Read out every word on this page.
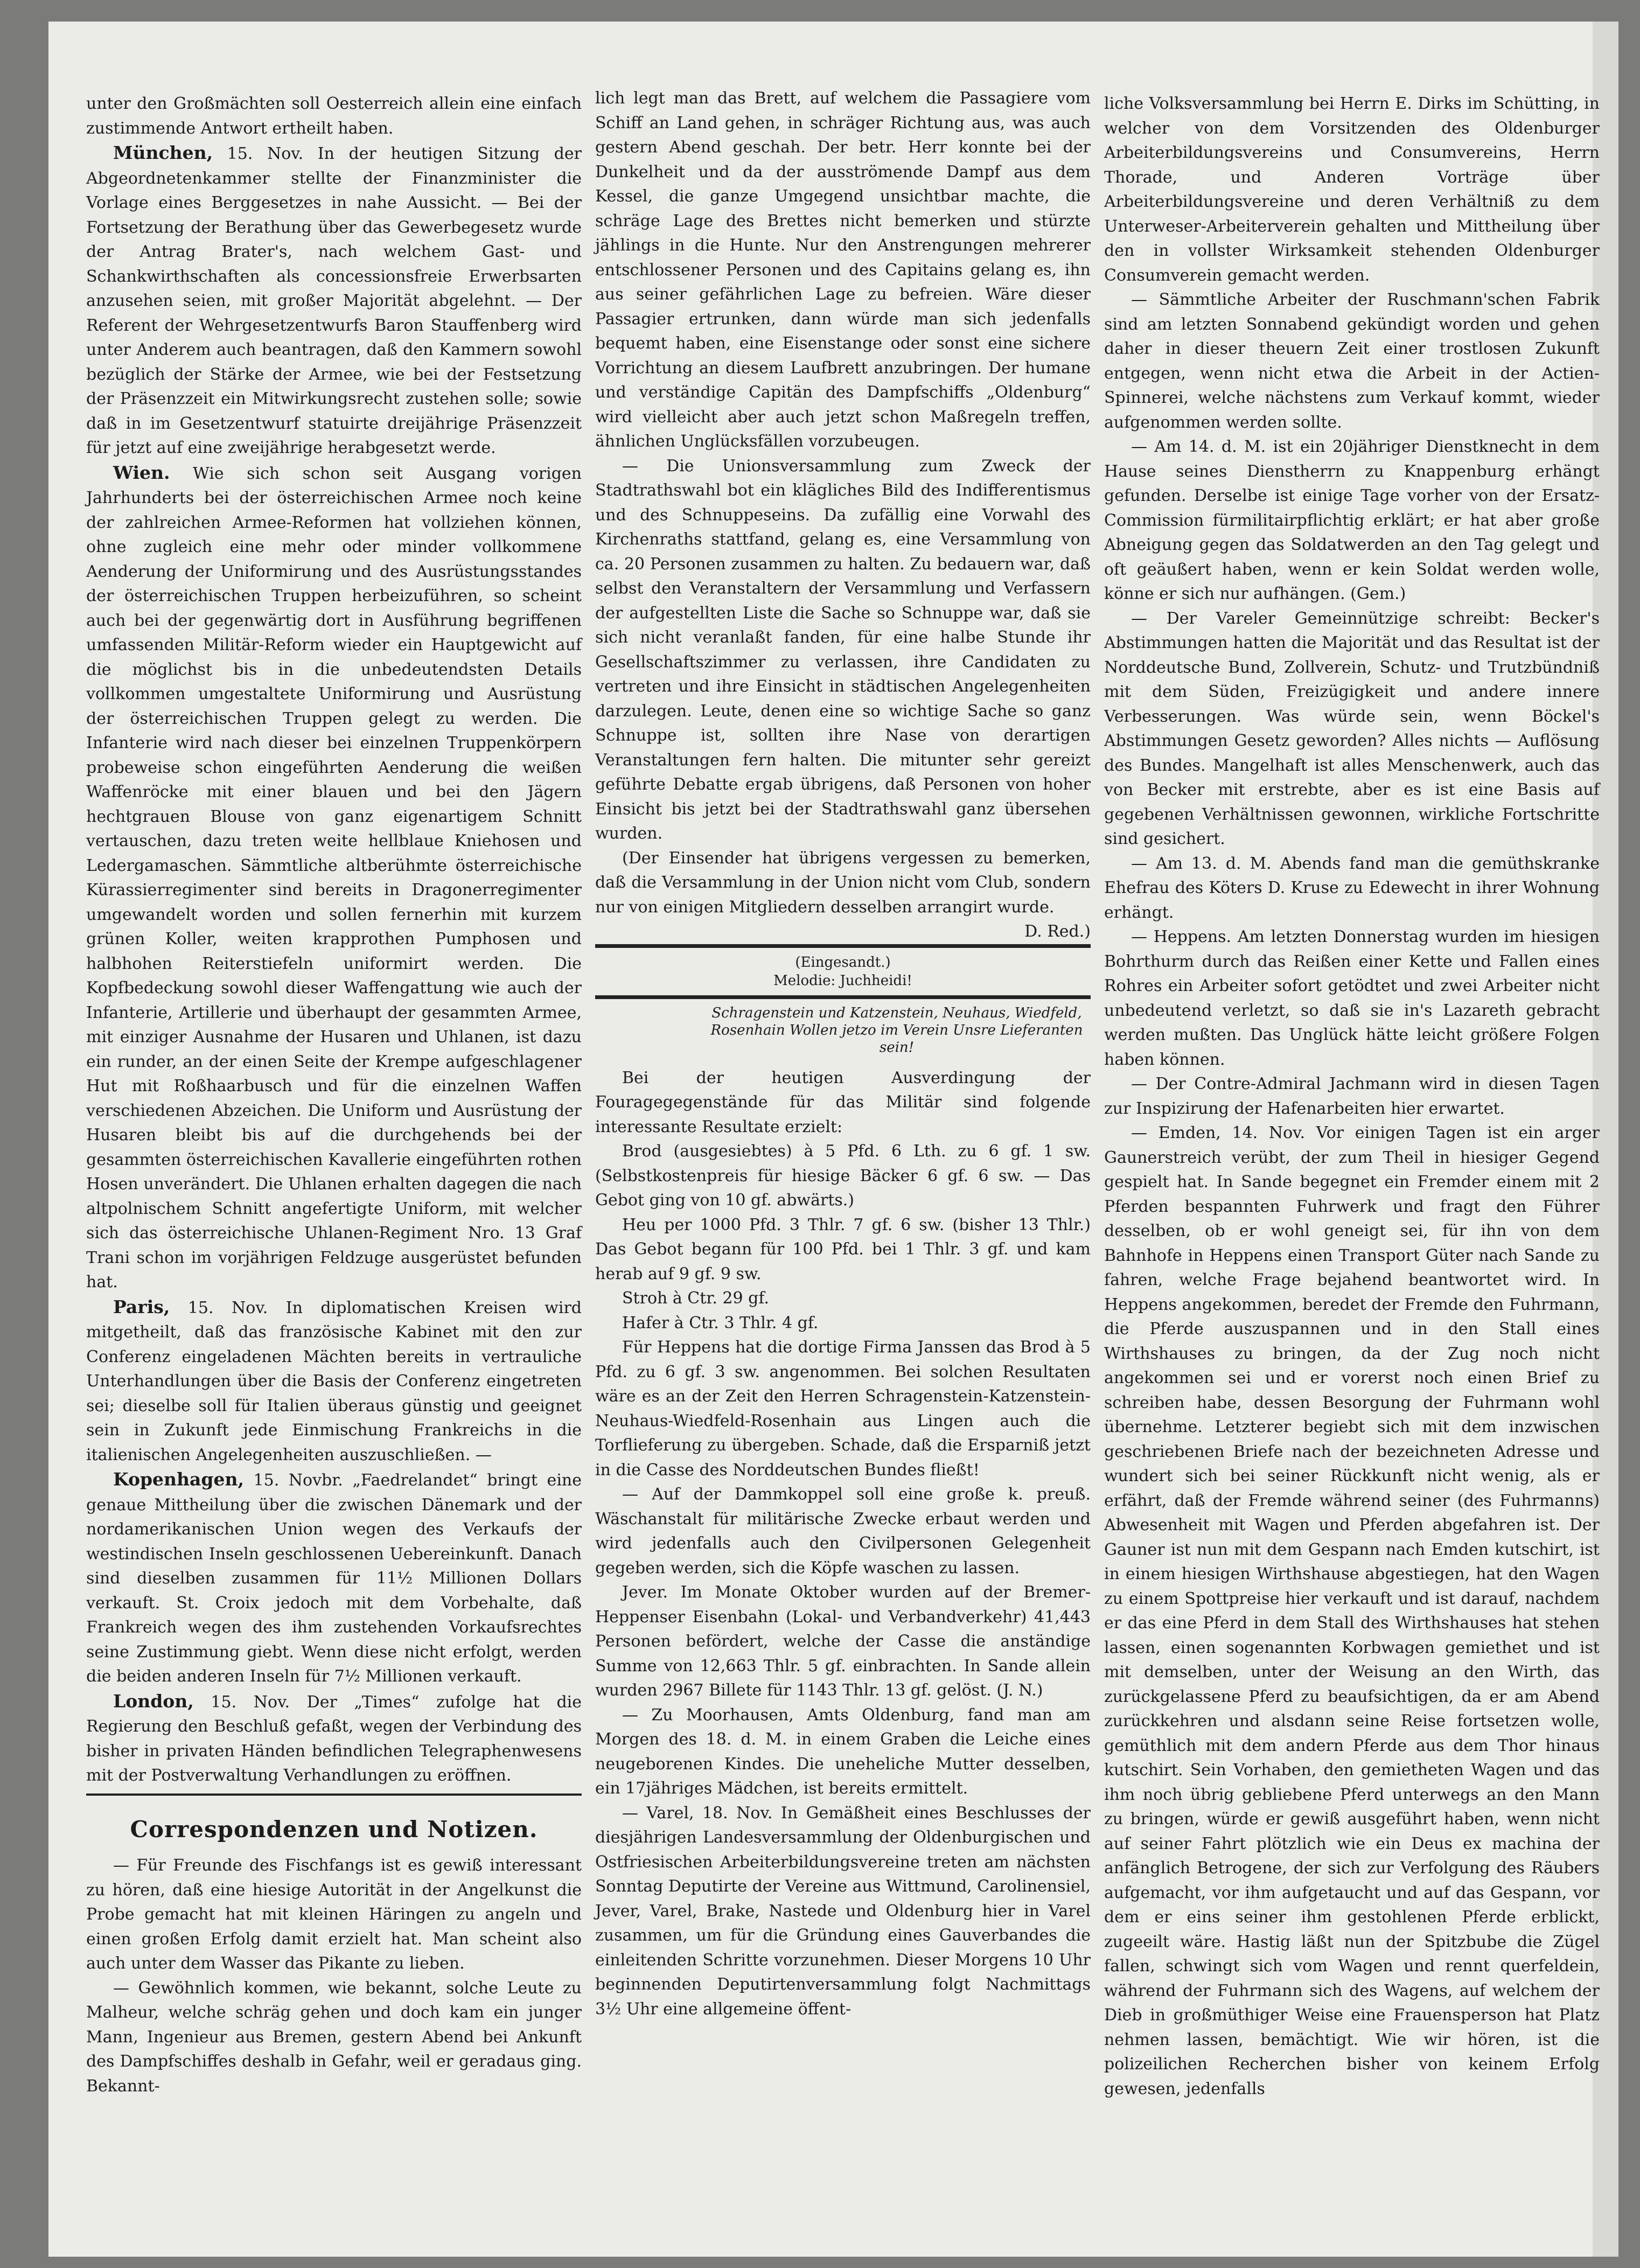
unter den Großmächten soll Oesterreich allein eine einfach zustimmende Antwort ertheilt haben.

München, 15. Nov. In der heutigen Sitzung der Abgeordnetenkammer stellte der Finanzminister die Vorlage eines Berggesetzes in nahe Aussicht. — Bei der Fortsetzung der Berathung über das Gewerbegesetz wurde der Antrag Brater's, nach welchem Gast- und Schankwirthschaften als concessionsfreie Erwerbsarten anzusehen seien, mit großer Majorität abgelehnt. — Der Referent der Wehrgesetzentwurfs Baron Stauffenberg wird unter Anderem auch beantragen, daß den Kammern sowohl bezüglich der Stärke der Armee, wie bei der Festsetzung der Präsenzzeit ein Mitwirkungsrecht zustehen solle; sowie daß in im Gesetzentwurf statuirte dreijährige Präsenzzeit für jetzt auf eine zweijährige herabgesetzt werde.

Wien. Wie sich schon seit Ausgang vorigen Jahrhunderts bei der österreichischen Armee noch keine der zahlreichen Armee-Reformen hat vollziehen können, ohne zugleich eine mehr oder minder vollkommene Aenderung der Uniformirung und des Ausrüstungsstandes der österreichischen Truppen herbeizuführen, so scheint auch bei der gegenwärtig dort in Ausführung begriffenen umfassenden Militär-Reform wieder ein Hauptgewicht auf die möglichst bis in die unbedeutendsten Details vollkommen umgestaltete Uniformirung und Ausrüstung der österreichischen Truppen gelegt zu werden. Die Infanterie wird nach dieser bei einzelnen Truppenkörpern probeweise schon eingeführten Aenderung die weißen Waffenröcke mit einer blauen und bei den Jägern hechtgrauen Blouse von ganz eigenartigem Schnitt vertauschen, dazu treten weite hellblaue Kniehosen und Ledergamaschen. Sämmtliche altberühmte österreichische Kürassierregimenter sind bereits in Dragonerregimenter umgewandelt worden und sollen fernerhin mit kurzem grünen Koller, weiten krapprothen Pumphosen und halbhohen Reiterstiefeln uniformirt werden. Die Kopfbedeckung sowohl dieser Waffengattung wie auch der Infanterie, Artillerie und überhaupt der gesammten Armee, mit einziger Ausnahme der Husaren und Uhlanen, ist dazu ein runder, an der einen Seite der Krempe aufgeschlagener Hut mit Roßhaarbusch und für die einzelnen Waffen verschiedenen Abzeichen. Die Uniform und Ausrüstung der Husaren bleibt bis auf die durchgehends bei der gesammten österreichischen Kavallerie eingeführten rothen Hosen unverändert. Die Uhlanen erhalten dagegen die nach altpolnischem Schnitt angefertigte Uniform, mit welcher sich das österreichische Uhlanen-Regiment Nro. 13 Graf Trani schon im vorjährigen Feldzuge ausgerüstet befunden hat.

Paris, 15. Nov. In diplomatischen Kreisen wird mitgetheilt, daß das französische Kabinet mit den zur Conferenz eingeladenen Mächten bereits in vertrauliche Unterhandlungen über die Basis der Conferenz eingetreten sei; dieselbe soll für Italien überaus günstig und geeignet sein in Zukunft jede Einmischung Frankreichs in die italienischen Angelegenheiten auszuschließen. —

Kopenhagen, 15. Novbr. „Faedrelandet“ bringt eine genaue Mittheilung über die zwischen Dänemark und der nordamerikanischen Union wegen des Verkaufs der westindischen Inseln geschlossenen Uebereinkunft. Danach sind dieselben zusammen für 11½ Millionen Dollars verkauft. St. Croix jedoch mit dem Vorbehalte, daß Frankreich wegen des ihm zustehenden Vorkaufsrechtes seine Zustimmung giebt. Wenn diese nicht erfolgt, werden die beiden anderen Inseln für 7½ Millionen verkauft.

London, 15. Nov. Der „Times“ zufolge hat die Regierung den Beschluß gefaßt, wegen der Verbindung des bisher in privaten Händen befindlichen Telegraphenwesens mit der Postverwaltung Verhandlungen zu eröffnen.

Correspondenzen und Notizen.

— Für Freunde des Fischfangs ist es gewiß interessant zu hören, daß eine hiesige Autorität in der Angelkunst die Probe gemacht hat mit kleinen Häringen zu angeln und einen großen Erfolg damit erzielt hat. Man scheint also auch unter dem Wasser das Pikante zu lieben.

— Gewöhnlich kommen, wie bekannt, solche Leute zu Malheur, welche schräg gehen und doch kam ein junger Mann, Ingenieur aus Bremen, gestern Abend bei Ankunft des Dampfschiffes deshalb in Gefahr, weil er geradaus ging. Bekannt-

lich legt man das Brett, auf welchem die Passagiere vom Schiff an Land gehen, in schräger Richtung aus, was auch gestern Abend geschah. Der betr. Herr konnte bei der Dunkelheit und da der ausströmende Dampf aus dem Kessel, die ganze Umgegend unsichtbar machte, die schräge Lage des Brettes nicht bemerken und stürzte jählings in die Hunte. Nur den Anstrengungen mehrerer entschlossener Personen und des Capitains gelang es, ihn aus seiner gefährlichen Lage zu befreien. Wäre dieser Passagier ertrunken, dann würde man sich jedenfalls bequemt haben, eine Eisenstange oder sonst eine sichere Vorrichtung an diesem Laufbrett anzubringen. Der humane und verständige Capitän des Dampfschiffs „Oldenburg“ wird vielleicht aber auch jetzt schon Maßregeln treffen, ähnlichen Unglücksfällen vorzubeugen.

— Die Unionsversammlung zum Zweck der Stadtrathswahl bot ein klägliches Bild des Indifferentismus und des Schnuppeseins. Da zufällig eine Vorwahl des Kirchenraths stattfand, gelang es, eine Versammlung von ca. 20 Personen zusammen zu halten. Zu bedauern war, daß selbst den Veranstaltern der Versammlung und Verfassern der aufgestellten Liste die Sache so Schnuppe war, daß sie sich nicht veranlaßt fanden, für eine halbe Stunde ihr Gesellschaftszimmer zu verlassen, ihre Candidaten zu vertreten und ihre Einsicht in städtischen Angelegenheiten darzulegen. Leute, denen eine so wichtige Sache so ganz Schnuppe ist, sollten ihre Nase von derartigen Veranstaltungen fern halten. Die mitunter sehr gereizt geführte Debatte ergab übrigens, daß Personen von hoher Einsicht bis jetzt bei der Stadtrathswahl ganz übersehen wurden.

(Der Einsender hat übrigens vergessen zu bemerken, daß die Versammlung in der Union nicht vom Club, sondern nur von einigen Mitgliedern desselben arrangirt wurde.
D. Red.)

(Eingesandt.)
Melodie: Juchheidi!
Schragenstein und Katzenstein, Neuhaus, Wiedfeld, Rosenhain Wollen jetzo im Verein Unsre Lieferanten sein!

Bei der heutigen Ausverdingung der Fouragegegenstände für das Militär sind folgende interessante Resultate erzielt:

Brod (ausgesiebtes) à 5 Pfd. 6 Lth. zu 6 gf. 1 sw. (Selbstkostenpreis für hiesige Bäcker 6 gf. 6 sw. — Das Gebot ging von 10 gf. abwärts.)

Heu per 1000 Pfd. 3 Thlr. 7 gf. 6 sw. (bisher 13 Thlr.) Das Gebot begann für 100 Pfd. bei 1 Thlr. 3 gf. und kam herab auf 9 gf. 9 sw.

Stroh à Ctr. 29 gf.

Hafer à Ctr. 3 Thlr. 4 gf.

Für Heppens hat die dortige Firma Janssen das Brod à 5 Pfd. zu 6 gf. 3 sw. angenommen. Bei solchen Resultaten wäre es an der Zeit den Herren Schragenstein-Katzenstein-Neuhaus-Wiedfeld-Rosenhain aus Lingen auch die Torflieferung zu übergeben. Schade, daß die Ersparniß jetzt in die Casse des Norddeutschen Bundes fließt!

— Auf der Dammkoppel soll eine große k. preuß. Wäschanstalt für militärische Zwecke erbaut werden und wird jedenfalls auch den Civilpersonen Gelegenheit gegeben werden, sich die Köpfe waschen zu lassen.

Jever. Im Monate Oktober wurden auf der Bremer-Heppenser Eisenbahn (Lokal- und Verbandverkehr) 41,443 Personen befördert, welche der Casse die anständige Summe von 12,663 Thlr. 5 gf. einbrachten. In Sande allein wurden 2967 Billete für 1143 Thlr. 13 gf. gelöst. (J. N.)

— Zu Moorhausen, Amts Oldenburg, fand man am Morgen des 18. d. M. in einem Graben die Leiche eines neugeborenen Kindes. Die uneheliche Mutter desselben, ein 17jähriges Mädchen, ist bereits ermittelt.

— Varel, 18. Nov. In Gemäßheit eines Beschlusses der diesjährigen Landesversammlung der Oldenburgischen und Ostfriesischen Arbeiterbildungsvereine treten am nächsten Sonntag Deputirte der Vereine aus Wittmund, Carolinensiel, Jever, Varel, Brake, Nastede und Oldenburg hier in Varel zusammen, um für die Gründung eines Gauverbandes die einleitenden Schritte vorzunehmen. Dieser Morgens 10 Uhr beginnenden Deputirtenversammlung folgt Nachmittags 3½ Uhr eine allgemeine öffent-

liche Volksversammlung bei Herrn E. Dirks im Schütting, in welcher von dem Vorsitzenden des Oldenburger Arbeiterbildungsvereins und Consumvereins, Herrn Thorade, und Anderen Vorträge über Arbeiterbildungsvereine und deren Verhältniß zu dem Unterweser-Arbeiterverein gehalten und Mittheilung über den in vollster Wirksamkeit stehenden Oldenburger Consumverein gemacht werden.

— Sämmtliche Arbeiter der Ruschmann'schen Fabrik sind am letzten Sonnabend gekündigt worden und gehen daher in dieser theuern Zeit einer trostlosen Zukunft entgegen, wenn nicht etwa die Arbeit in der Actien-Spinnerei, welche nächstens zum Verkauf kommt, wieder aufgenommen werden sollte.

— Am 14. d. M. ist ein 20jähriger Dienstknecht in dem Hause seines Dienstherrn zu Knappenburg erhängt gefunden. Derselbe ist einige Tage vorher von der Ersatz-Commission fürmilitairpflichtig erklärt; er hat aber große Abneigung gegen das Soldatwerden an den Tag gelegt und oft geäußert haben, wenn er kein Soldat werden wolle, könne er sich nur aufhängen. (Gem.)

— Der Vareler Gemeinnützige schreibt: Becker's Abstimmungen hatten die Majorität und das Resultat ist der Norddeutsche Bund, Zollverein, Schutz- und Trutzbündniß mit dem Süden, Freizügigkeit und andere innere Verbesserungen. Was würde sein, wenn Böckel's Abstimmungen Gesetz geworden? Alles nichts — Auflösung des Bundes. Mangelhaft ist alles Menschenwerk, auch das von Becker mit erstrebte, aber es ist eine Basis auf gegebenen Verhältnissen gewonnen, wirkliche Fortschritte sind gesichert.

— Am 13. d. M. Abends fand man die gemüthskranke Ehefrau des Köters D. Kruse zu Edewecht in ihrer Wohnung erhängt.

— Heppens. Am letzten Donnerstag wurden im hiesigen Bohrthurm durch das Reißen einer Kette und Fallen eines Rohres ein Arbeiter sofort getödtet und zwei Arbeiter nicht unbedeutend verletzt, so daß sie in's Lazareth gebracht werden mußten. Das Unglück hätte leicht größere Folgen haben können.

— Der Contre-Admiral Jachmann wird in diesen Tagen zur Inspizirung der Hafenarbeiten hier erwartet.

— Emden, 14. Nov. Vor einigen Tagen ist ein arger Gaunerstreich verübt, der zum Theil in hiesiger Gegend gespielt hat. In Sande begegnet ein Fremder einem mit 2 Pferden bespannten Fuhrwerk und fragt den Führer desselben, ob er wohl geneigt sei, für ihn von dem Bahnhofe in Heppens einen Transport Güter nach Sande zu fahren, welche Frage bejahend beantwortet wird. In Heppens angekommen, beredet der Fremde den Fuhrmann, die Pferde auszuspannen und in den Stall eines Wirthshauses zu bringen, da der Zug noch nicht angekommen sei und er vorerst noch einen Brief zu schreiben habe, dessen Besorgung der Fuhrmann wohl übernehme. Letzterer begiebt sich mit dem inzwischen geschriebenen Briefe nach der bezeichneten Adresse und wundert sich bei seiner Rückkunft nicht wenig, als er erfährt, daß der Fremde während seiner (des Fuhrmanns) Abwesenheit mit Wagen und Pferden abgefahren ist. Der Gauner ist nun mit dem Gespann nach Emden kutschirt, ist in einem hiesigen Wirthshause abgestiegen, hat den Wagen zu einem Spottpreise hier verkauft und ist darauf, nachdem er das eine Pferd in dem Stall des Wirthshauses hat stehen lassen, einen sogenannten Korbwagen gemiethet und ist mit demselben, unter der Weisung an den Wirth, das zurückgelassene Pferd zu beaufsichtigen, da er am Abend zurückkehren und alsdann seine Reise fortsetzen wolle, gemüthlich mit dem andern Pferde aus dem Thor hinaus kutschirt. Sein Vorhaben, den gemietheten Wagen und das ihm noch übrig gebliebene Pferd unterwegs an den Mann zu bringen, würde er gewiß ausgeführt haben, wenn nicht auf seiner Fahrt plötzlich wie ein Deus ex machina der anfänglich Betrogene, der sich zur Verfolgung des Räubers aufgemacht, vor ihm aufgetaucht und auf das Gespann, vor dem er eins seiner ihm gestohlenen Pferde erblickt, zugeeilt wäre. Hastig läßt nun der Spitzbube die Zügel fallen, schwingt sich vom Wagen und rennt querfeldein, während der Fuhrmann sich des Wagens, auf welchem der Dieb in großmüthiger Weise eine Frauensperson hat Platz nehmen lassen, bemächtigt. Wie wir hören, ist die polizeilichen Recherchen bisher von keinem Erfolg gewesen, jedenfalls
